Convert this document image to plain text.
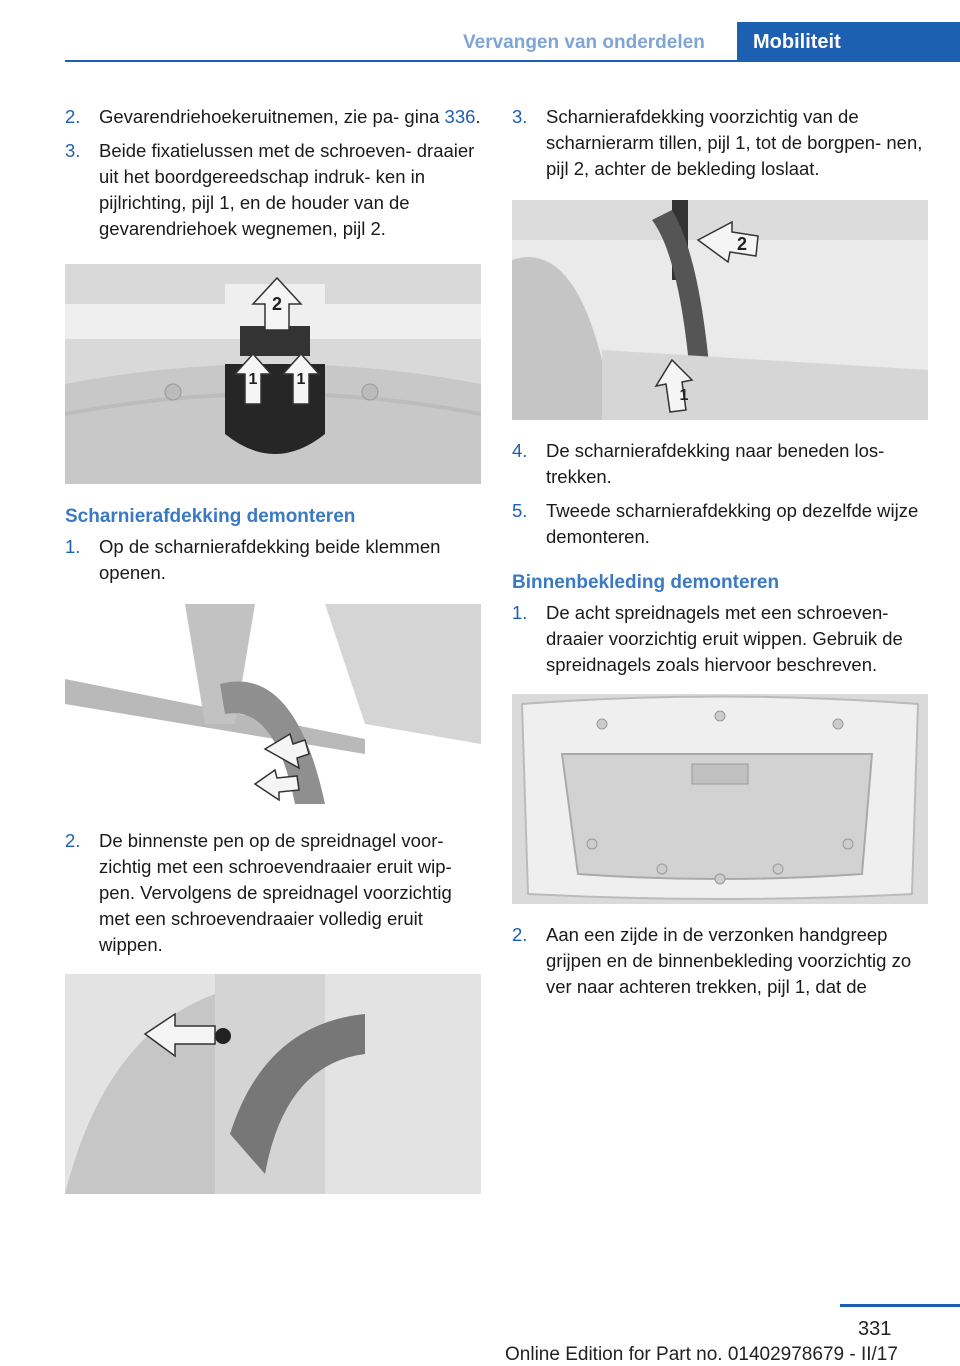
Vervangen van onderdelen	Mobiliteit
2.	Gevarendriehoekeruitnemen, zie pa‐ gina 336.
3.	Beide fixatielussen met de schroeven‐ draaier uit het boordgereedschap indruk‐ ken in pijlrichting, pijl 1, en de houder van de gevarendriehoek wegnemen, pijl 2.
2
1 1
Scharnierafdekking demonteren
1.	Op de scharnierafdekking beide klemmen openen.
2.	De binnenste pen op de spreidnagel voor‐ zichtig met een schroevendraaier eruit wip‐ pen. Vervolgens de spreidnagel voorzichtig met een schroevendraaier volledig eruit wippen.
3.	Scharnierafdekking voorzichtig van de scharnierarm tillen, pijl 1, tot de borgpen‐ nen, pijl 2, achter de bekleding loslaat.
2
1
4.	De scharnierafdekking naar beneden los‐ trekken.
5.	Tweede scharnierafdekking op dezelfde wijze demonteren.
Binnenbekleding demonteren
1.	De acht spreidnagels met een schroeven‐ draaier voorzichtig eruit wippen. Gebruik de spreidnagels zoals hiervoor beschreven.
2.	Aan een zijde in de verzonken handgreep grijpen en de binnenbekleding voorzichtig zo ver naar achteren trekken, pijl 1, dat de
331
Online Edition for Part no. 01402978679 - II/17
